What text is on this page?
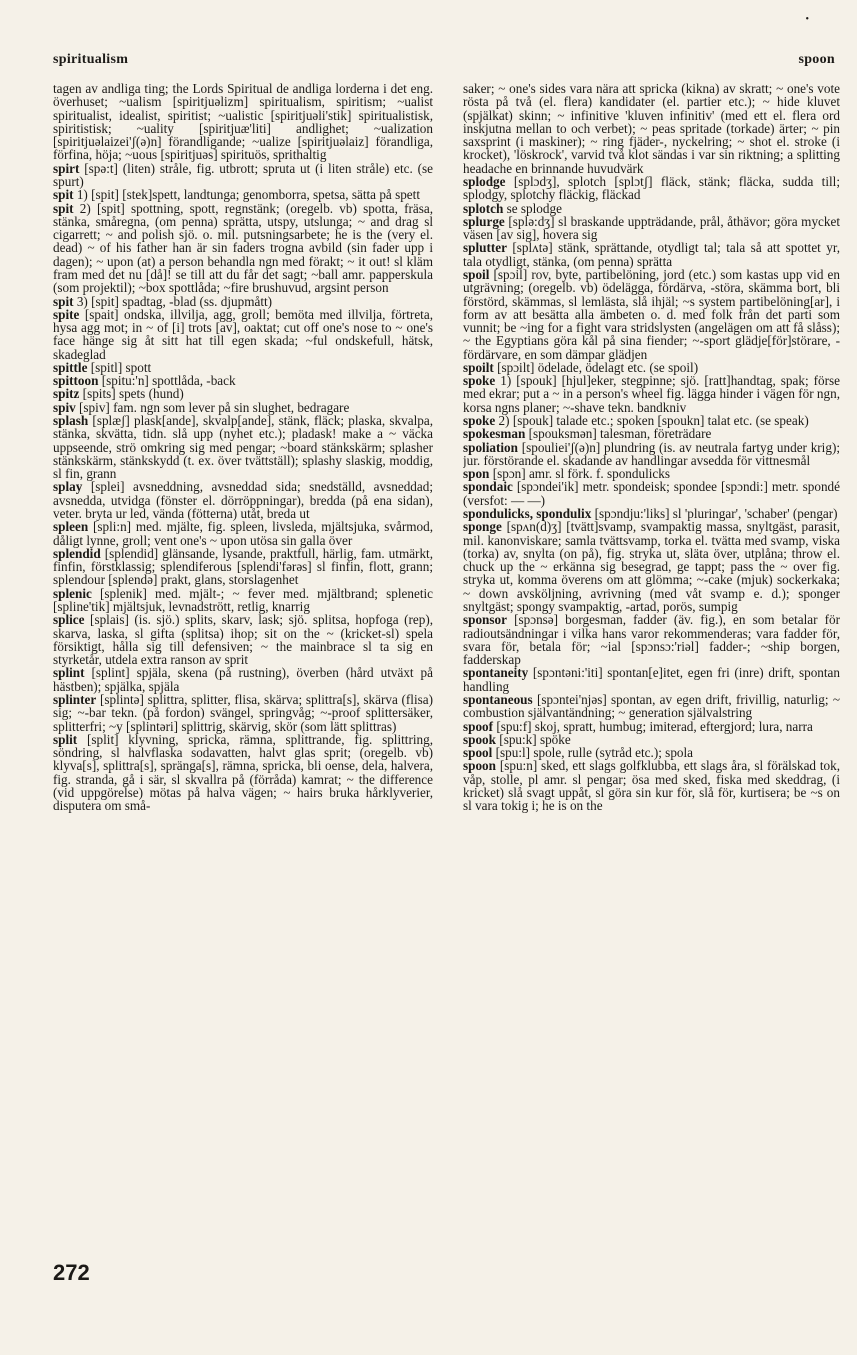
•
spiritualism	spoon

tagen av andliga ting; the Lords Spiritual de andliga lorderna i det eng. överhuset; ~ualism [spiritjuəlizm] spiritualism, spiritism; ~ualist spiritualist, idealist, spiritist; ~ualistic [spiritjuəli'stik] spiritualistisk, spiritistisk; ~uality [spiritjuæ'liti] andlighet; ~ualization [spiritjuəlaizei'ʃ(ə)n] förandligande; ~ualize [spiritjuəlaiz] förandliga, förfina, höja; ~uous [spiritjuəs] spirituös, sprithaltig

spirt [spə:t] (liten) stråle, fig. utbrott; spruta ut (i liten stråle) etc. (se spurt)

spit 1) [spit] [stek]spett, landtunga; genomborra, spetsa, sätta på spett

spit 2) [spit] spottning, spott, regnstänk; (oregelb. vb) spotta, fräsa, stänka, småregna, (om penna) sprätta, utspy, utslunga; ~ and drag sl cigarrett; ~ and polish sjö. o. mil. putsningsarbete; he is the (very el. dead) ~ of his father han är sin faders trogna avbild (sin fader upp i dagen); ~ upon (at) a person behandla ngn med förakt; ~ it out! sl kläm fram med det nu [då]! se till att du får det sagt; ~ball amr. papperskula (som projektil); ~box spottlåda; ~fire brushuvud, argsint person

spit 3) [spit] spadtag, -blad (ss. djupmått)

spite [spait] ondska, illvilja, agg, groll; bemöta med illvilja, förtreta, hysa agg mot; in ~ of [i] trots [av], oaktat; cut off one's nose to ~ one's face hänge sig åt sitt hat till egen skada; ~ful ondskefull, hätsk, skadeglad

spittle [spitl] spott

spittoon [spitu:'n] spottlåda, -back

spitz [spits] spets (hund)

spiv [spiv] fam. ngn som lever på sin slughet, bedragare

splash [splæʃ] plask[ande], skvalp[ande], stänk, fläck; plaska, skvalpa, stänka, skvätta, tidn. slå upp (nyhet etc.); pladask! make a ~ väcka uppseende, strö omkring sig med pengar; ~board stänkskärm; splasher stänkskärm, stänkskydd (t. ex. över tvättställ); splashy slaskig, moddig, sl fin, grann

splay [splei] avsneddning, avsneddad sida; snedställd, avsneddad; avsnedda, utvidga (fönster el. dörröppningar), bredda (på ena sidan), veter. bryta ur led, vända (fötterna) utåt, breda ut

spleen [spli:n] med. mjälte, fig. spleen, livsleda, mjältsjuka, svårmod, dåligt lynne, groll; vent one's ~ upon utösa sin galla över

splendid [splendid] glänsande, lysande, praktfull, härlig, fam. utmärkt, finfin, förstklassig; splendiferous [splendi'fərəs] sl finfin, flott, grann; splendour [splendə] prakt, glans, storslagenhet

splenic [splenik] med. mjält-; ~ fever med. mjältbrand; splenetic [spline'tik] mjältsjuk, levnadstrött, retlig, knarrig

splice [splais] (is. sjö.) splits, skarv, lask; sjö. splitsa, hopfoga (rep), skarva, laska, sl gifta (splitsa) ihop; sit on the ~ (kricket-sl) spela försiktigt, hålla sig till defensiven; ~ the mainbrace sl ta sig en styrketår, utdela extra ranson av sprit

splint [splint] spjäla, skena (på rustning), överben (hård utväxt på hästben); spjälka, spjäla

splinter [splintə] splittra, splitter, flisa, skärva; splittra[s], skärva (flisa) sig; ~-bar tekn. (på fordon) svängel, springvåg; ~-proof splittersäker, splitterfri; ~y [splintəri] splittrig, skärvig, skör (som lätt splittras)

split [split] klyvning, spricka, rämna, splittrande, fig. splittring, söndring, sl halvflaska sodavatten, halvt glas sprit; (oregelb. vb) klyva[s], splittra[s], spränga[s], rämna, spricka, bli oense, dela, halvera, fig. stranda, gå i sär, sl skvallra på (förråda) kamrat; ~ the difference (vid uppgörelse) mötas på halva vägen; ~ hairs bruka hårklyverier, disputera om små-

saker; ~ one's sides vara nära att spricka (kikna) av skratt; ~ one's vote rösta på två (el. flera) kandidater (el. partier etc.); ~ hide kluvet (spjälkat) skinn; ~ infinitive 'kluven infinitiv' (med ett el. flera ord inskjutna mellan to och verbet); ~ peas spritade (torkade) ärter; ~ pin saxsprint (i maskiner); ~ ring fjäder-, nyckelring; ~ shot el. stroke (i krocket), 'löskrock', varvid två klot sändas i var sin riktning; a splitting headache en brinnande huvudvärk

splodge [splɔdʒ], splotch [splɔtʃ] fläck, stänk; fläcka, sudda till; splodgy, splotchy fläckig, fläckad

splotch se splodge

splurge [splə:dʒ] sl braskande uppträdande, prål, åthävor; göra mycket väsen [av sig], hovera sig

splutter [splʌtə] stänk, sprättande, otydligt tal; tala så att spottet yr, tala otydligt, stänka, (om penna) sprätta

spoil [spɔil] rov, byte, partibelöning, jord (etc.) som kastas upp vid en utgrävning; (oregelb. vb) ödelägga, fördärva, -störa, skämma bort, bli förstörd, skämmas, sl lemlästa, slå ihjäl; ~s system partibelöning[ar], i form av att besätta alla ämbeten o. d. med folk från det parti som vunnit; be ~ing for a fight vara stridslysten (angelägen om att få slåss); ~ the Egyptians göra kål på sina fiender; ~-sport glädje[för]störare, -fördärvare, en som dämpar glädjen

spoilt [spɔilt] ödelade, ödelagt etc. (se spoil)

spoke 1) [spouk] [hjul]eker, stegpinne; sjö. [ratt]handtag, spak; förse med ekrar; put a ~ in a person's wheel fig. lägga hinder i vägen för ngn, korsa ngns planer; ~-shave tekn. bandkniv

spoke 2) [spouk] talade etc.; spoken [spoukn] talat etc. (se speak)

spokesman [spouksmən] talesman, företrädare

spoliation [spouliei'ʃ(ə)n] plundring (is. av neutrala fartyg under krig); jur. förstörande el. skadande av handlingar avsedda för vittnesmål

spon [spɔn] amr. sl förk. f. spondulicks

spondaic [spɔndei'ik] metr. spondeisk; spondee [spɔndi:] metr. spondé (versfot: — —)

spondulicks, spondulix [spɔndju:'liks] sl 'pluringar', 'schaber' (pengar)

sponge [spʌn(d)ʒ] [tvätt]svamp, svampaktig massa, snyltgäst, parasit, mil. kanonviskare; samla tvättsvamp, torka el. tvätta med svamp, viska (torka) av, snylta (on på), fig. stryka ut, släta över, utplåna; throw el. chuck up the ~ erkänna sig besegrad, ge tappt; pass the ~ over fig. stryka ut, komma överens om att glömma; ~-cake (mjuk) sockerkaka; ~ down avsköljning, avrivning (med våt svamp e. d.); sponger snyltgäst; spongy svampaktig, -artad, porös, sumpig

sponsor [spɔnsə] borgesman, fadder (äv. fig.), en som betalar för radioutsändningar i vilka hans varor rekommenderas; vara fadder för, svara för, betala för; ~ial [spɔnsɔ:'riəl] fadder-; ~ship borgen, fadderskap

spontaneity [spɔntəni:'iti] spontan[e]itet, egen fri (inre) drift, spontan handling

spontaneous [spɔntei'njəs] spontan, av egen drift, frivillig, naturlig; ~ combustion självantändning; ~ generation självalstring

spoof [spu:f] skoj, spratt, humbug; imiterad, eftergjord; lura, narra

spook [spu:k] spöke

spool [spu:l] spole, rulle (sytråd etc.); spola

spoon [spu:n] sked, ett slags golfklubba, ett slags åra, sl förälskad tok, våp, stolle, pl amr. sl pengar; ösa med sked, fiska med skeddrag, (i kricket) slå svagt uppåt, sl göra sin kur för, slå för, kurtisera; be ~s on sl vara tokig i; he is on the

272
